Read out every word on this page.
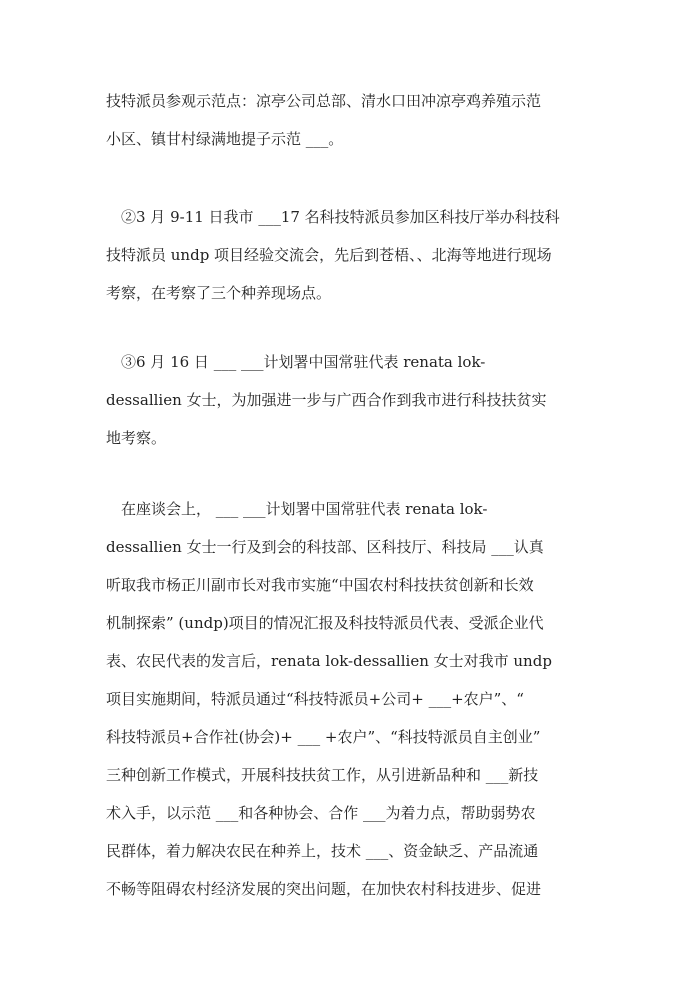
技特派员参观示范点：凉亭公司总部、清水口田冲凉亭鸡养殖示范
小区、镇甘村绿满地提子示范 ___。
②3 月 9-11 日我市 ___17 名科技特派员参加区科技厅举办科技科
技特派员 undp 项目经验交流会，先后到苍梧、、北海等地进行现场
考察，在考察了三个种养现场点。
③6 月 16 日 ___ ___计划署中国常驻代表 renata lok-
dessallien 女士，为加强进一步与广西合作到我市进行科技扶贫实
地考察。
在座谈会上， ___ ___计划署中国常驻代表 renata lok-
dessallien 女士一行及到会的科技部、区科技厅、科技局 ___认真
听取我市杨正川副市长对我市实施“中国农村科技扶贫创新和长效
机制探索” (undp)项目的情况汇报及科技特派员代表、受派企业代
表、农民代表的发言后，renata lok-dessallien 女士对我市 undp
项目实施期间，特派员通过“科技特派员+公司+ ___+农户”、“
科技特派员+合作社(协会)+ ___ +农户”、“科技特派员自主创业”
三种创新工作模式，开展科技扶贫工作，从引进新品种和 ___新技
术入手，以示范 ___和各种协会、合作 ___为着力点，帮助弱势农
民群体，着力解决农民在种养上，技术 ___、资金缺乏、产品流通
不畅等阻碍农村经济发展的突出问题，在加快农村科技进步、促进
